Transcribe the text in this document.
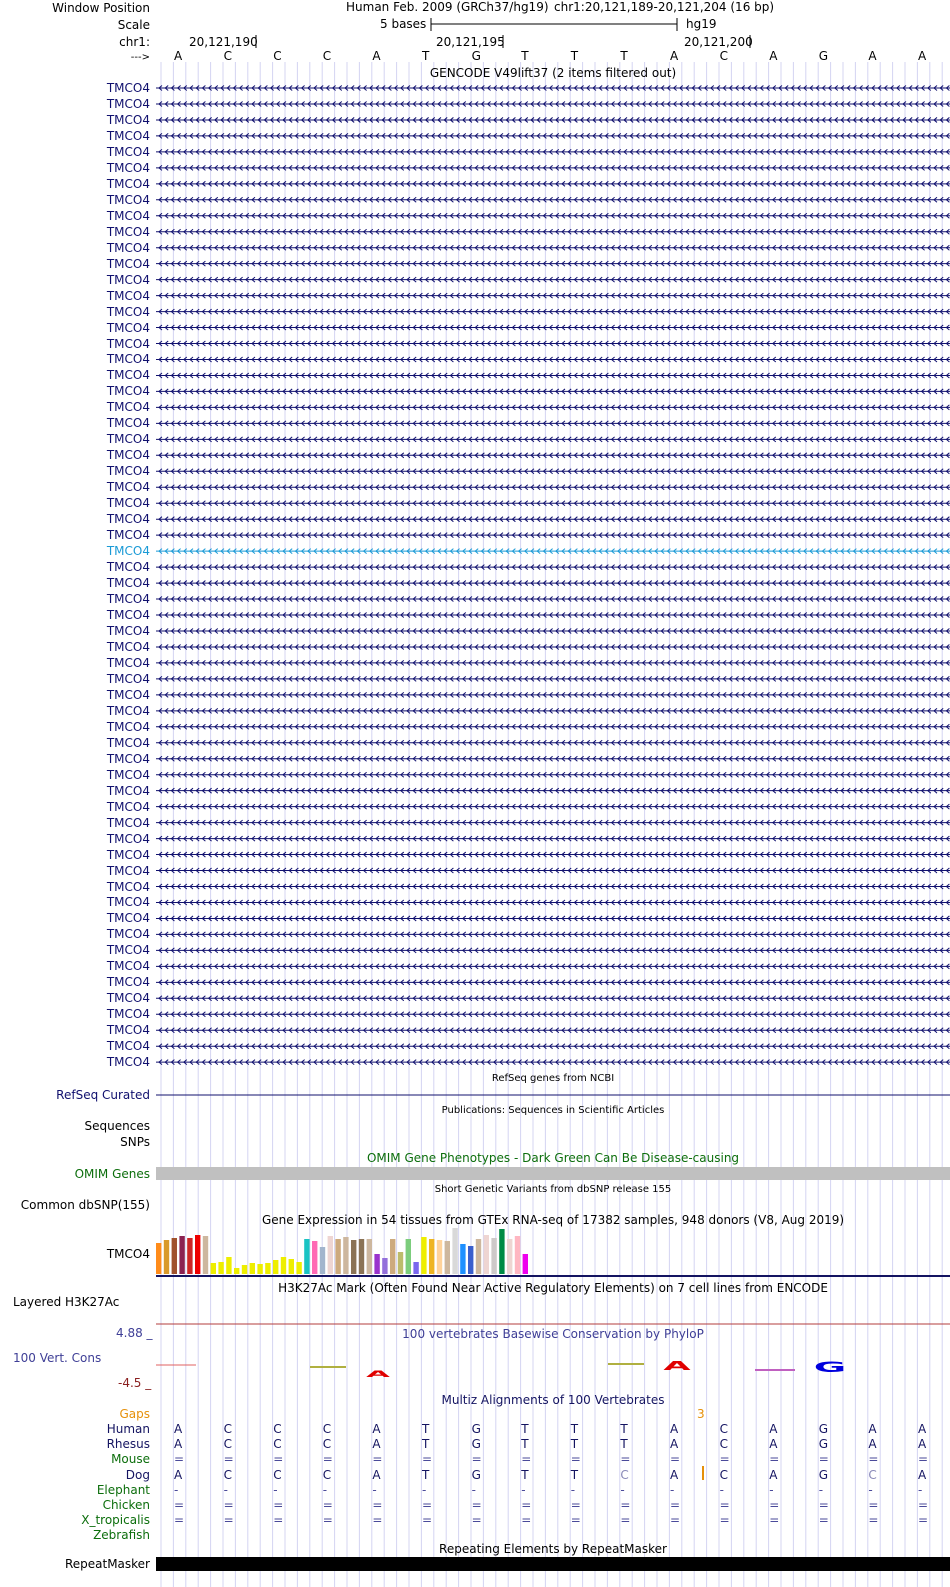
Window Position
Scale
chr1:
--->
Human Feb. 2009 (GRCh37/hg19) chr1:20,121,189-20,121,204 (16 bp)
5 bases	hg19
20,121,190	20,121,195	20,121,200
A	C	C	C	A	T	G	T	T	T	A	C	A	G	A	A
GENCODE V49lift37 (2 items filtered out)
TMCO4
TMCO4
TMCO4
TMCO4
TMCO4
TMCO4
TMCO4
TMCO4
TMCO4
TMCO4
TMCO4
TMCO4
TMCO4
TMCO4
TMCO4
TMCO4
TMCO4
TMCO4
TMCO4
TMCO4
TMCO4
TMCO4
TMCO4
TMCO4
TMCO4
TMCO4
TMCO4
TMCO4
TMCO4
TMCO4
TMCO4
TMCO4
TMCO4
TMCO4
TMCO4
TMCO4
TMCO4
TMCO4
TMCO4
TMCO4
TMCO4
TMCO4
TMCO4
TMCO4
TMCO4
TMCO4
TMCO4
TMCO4
TMCO4
TMCO4
TMCO4
TMCO4
TMCO4
TMCO4
TMCO4
TMCO4
TMCO4
TMCO4
TMCO4
TMCO4
TMCO4
TMCO4
A
A	G
RefSeq genes from NCBI
RefSeq Curated
Publications: Sequences in Scientific Articles
Sequences
SNPs
OMIM Gene Phenotypes - Dark Green Can Be Disease-causing
OMIM Genes
Short Genetic Variants from dbSNP release 155
Common dbSNP(155)
Gene Expression in 54 tissues from GTEx RNA-seq of 17382 samples, 948 donors (V8, Aug 2019)
TMCO4
H3K27Ac Mark (Often Found Near Active Regulatory Elements) on 7 cell lines from ENCODE
Layered H3K27Ac
100 vertebrates Basewise Conservation by PhyloP
4.88 _
100 Vert. Cons
-4.5 _
Multiz Alignments of 100 Vertebrates
Gaps	3
Human A	C	C	C	A	T	G	T	T	T	A	C	A	G	A	A
Rhesus A	C	C	C	A	T	G	T	T	T	A	C	A	G	A	A
Mouse =	=	=	=	=	=	=	=	=	=	=	=	=	=	=	=
Dog A	C	C	C	A	T	G	T	T	C	A	C	A	G	C	A
Elephant -	-	-	-	-	-	-	-	-	-	-	-	-	-	-	-
Chicken =	=	=	=	=	=	=	=	=	=	=	=	=	=	=	=
X_tropicalis =	=	=	=	=	=	=	=	=	=	=	=	=	=	=	=
Zebrafish
Repeating Elements by RepeatMasker
RepeatMasker
